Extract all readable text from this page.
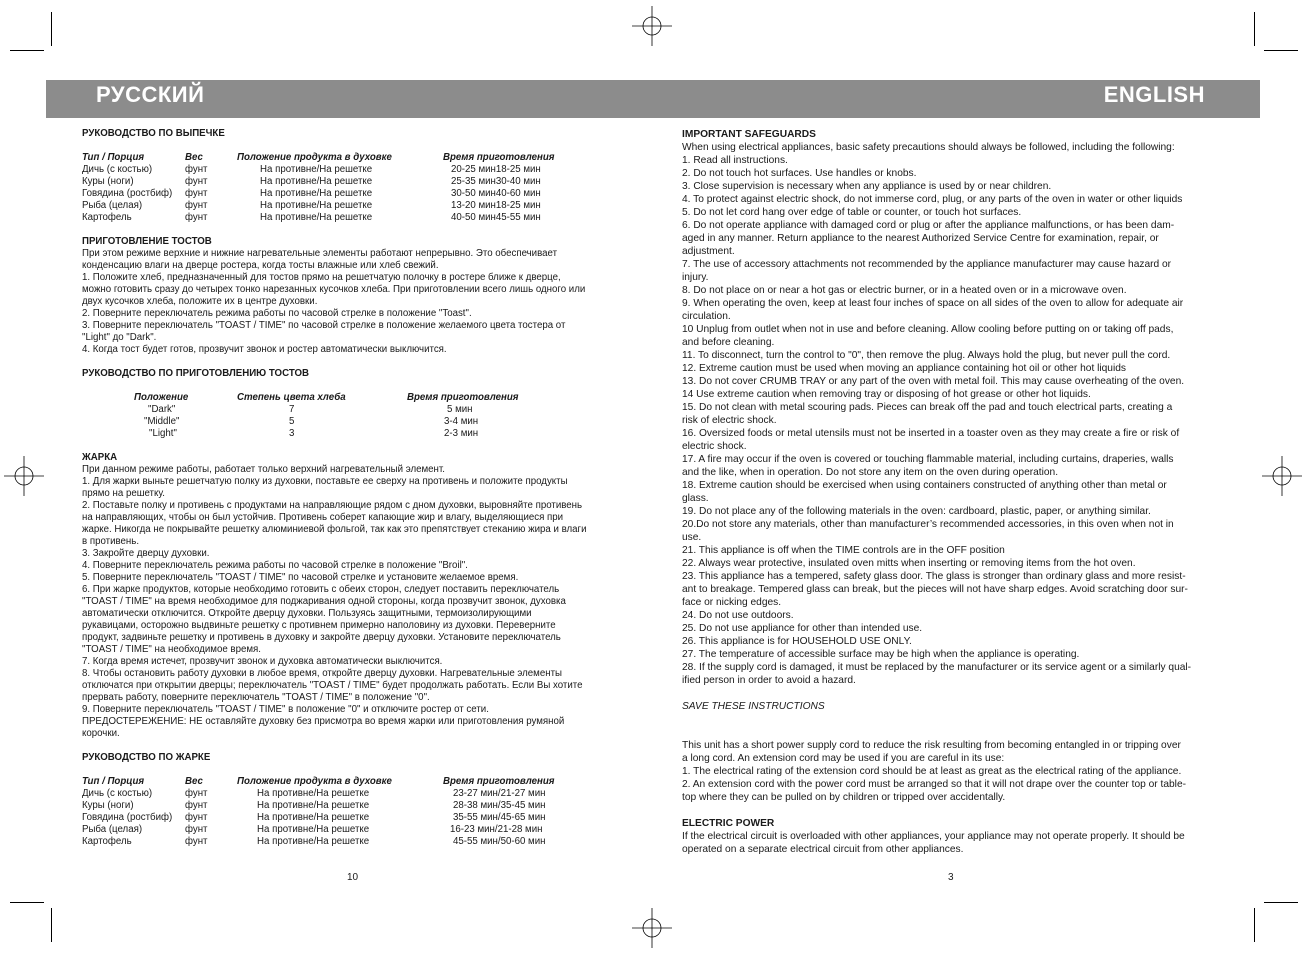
РУССКИЙ	ENGLISH
РУКОВОДСТВО ПО ВЫПЕЧКЕ
Тип / Порция	Вес	Положение продукта в духовке	Время приготовления
Дичь (с костью)	фунт	На противне/На решетке	20-25 мин18-25 мин
Куры (ноги)	фунт	На противне/На решетке	25-35 мин30-40 мин
Говядина (ростбиф)	фунт	На противне/На решетке	30-50 мин40-60 мин
Рыба (целая)	фунт	На противне/На решетке	13-20 мин18-25 мин
Картофель	фунт	На противне/На решетке	40-50 мин45-55 мин
ПРИГОТОВЛЕНИЕ ТОСТОВ
При этом режиме верхние и нижние нагревательные элементы работают непрерывно. Это обеспечивает
конденсацию влаги на дверце ростера, когда тосты влажные или хлеб свежий.
1. Положите хлеб, предназначенный для тостов прямо на решетчатую полочку в ростере ближе к дверце,
можно готовить сразу до четырех тонко нарезанных кусочков хлеба. При приготовлении всего лишь одного или
двух кусочков хлеба, положите их в центре духовки.
2. Поверните переключатель режима работы по часовой стрелке в положение "Toast".
3. Поверните переключатель "TOAST / TIME" по часовой стрелке в положение желаемого цвета тостера от
"Light" до "Dark".
4. Когда тост будет готов, прозвучит звонок и ростер автоматически выключится.
РУКОВОДСТВО ПО ПРИГОТОВЛЕНИЮ ТОСТОВ
Положение	Степень цвета хлеба	Время приготовления
"Dark"	7	5 мин
"Middle"	5	3-4 мин
"Light"	3	2-3 мин
ЖАРКА
При данном режиме работы, работает только верхний нагревательный элемент.
1. Для жарки выньте решетчатую полку из духовки, поставьте ее сверху на противень и положите продукты
прямо на решетку.
2. Поставьте полку и противень с продуктами на направляющие рядом с дном духовки, выровняйте противень
на направляющих, чтобы он был устойчив. Противень соберет капающие жир и влагу, выделяющиеся при
жарке. Никогда не покрывайте решетку алюминиевой фольгой, так как это препятствует стеканию жира и влаги
в противень.
3. Закройте дверцу духовки.
4. Поверните переключатель режима работы по часовой стрелке в положение "Broil".
5. Поверните переключатель "TOAST / TIME" по часовой стрелке и установите желаемое время.
6. При жарке продуктов, которые необходимо готовить с обеих сторон, следует поставить переключатель
"TOAST / TIME" на время необходимое для поджаривания одной стороны, когда прозвучит звонок, духовка
автоматически отключится. Откройте дверцу духовки. Пользуясь защитными, термоизолирующими
рукавицами, осторожно выдвиньте решетку с противнем примерно наполовину из духовки. Переверните
продукт, задвиньте решетку и противень в духовку и закройте дверцу духовки. Установите переключатель
"TOAST / TIME" на необходимое время.
7. Когда время истечет, прозвучит звонок и духовка автоматически выключится.
8. Чтобы остановить работу духовки в любое время, откройте дверцу духовки. Нагревательные элементы
отключатся при открытии дверцы; переключатель "TOAST / TIME" будет продолжать работать. Если Вы хотите
прервать работу, поверните переключатель "TOAST / TIME" в положение "0".
9. Поверните переключатель "TOAST / TIME" в положение "0" и отключите ростер от сети.
ПРЕДОСТЕРЕЖЕНИЕ: НЕ оставляйте духовку без присмотра во время жарки или приготовления румяной
корочки.
РУКОВОДСТВО ПО ЖАРКЕ
Тип / Порция	Вес	Положение продукта в духовке	Время приготовления
Дичь (с костью)	фунт	На противне/На решетке	23-27 мин/21-27 мин
Куры (ноги)	фунт	На противне/На решетке	28-38 мин/35-45 мин
Говядина (ростбиф)	фунт	На противне/На решетке	35-55 мин/45-65 мин
Рыба (целая)	фунт	На противне/На решетке	16-23 мин/21-28 мин
Картофель	фунт	На противне/На решетке	45-55 мин/50-60 мин
IMPORTANT SAFEGUARDS
When using electrical appliances, basic safety precautions should always be followed, including the following:
1. Read all instructions.
2. Do not touch hot surfaces. Use handles or knobs.
3. Close supervision is necessary when any appliance is used by or near children.
4. To protect against electric shock, do not immerse cord, plug, or any parts of the oven in water or other liquids
5. Do not let cord hang over edge of table or counter, or touch hot surfaces.
6. Do not operate appliance with damaged cord or plug or after the appliance malfunctions, or has been dam-
aged in any manner. Return appliance to the nearest Authorized Service Centre for examination, repair, or
adjustment.
7. The use of accessory attachments not recommended by the appliance manufacturer may cause hazard or
injury.
8. Do not place on or near a hot gas or electric burner, or in a heated oven or in a microwave oven.
9. When operating the oven, keep at least four inches of space on all sides of the oven to allow for adequate air
circulation.
10 Unplug from outlet when not in use and before cleaning. Allow cooling before putting on or taking off pads,
and before cleaning.
11. To disconnect, turn the control to "0", then remove the plug. Always hold the plug, but never pull the cord.
12. Extreme caution must be used when moving an appliance containing hot oil or other hot liquids
13. Do not cover CRUMB TRAY or any part of the oven with metal foil. This may cause overheating of the oven.
14 Use extreme caution when removing tray or disposing of hot grease or other hot liquids.
15. Do not clean with metal scouring pads. Pieces can break off the pad and touch electrical parts, creating a
risk of electric shock.
16. Oversized foods or metal utensils must not be inserted in a toaster oven as they may create a fire or risk of
electric shock.
17. A fire may occur if the oven is covered or touching flammable material, including curtains, draperies, walls
and the like, when in operation. Do not store any item on the oven during operation.
18. Extreme caution should be exercised when using containers constructed of anything other than metal or
glass.
19. Do not place any of the following materials in the oven: cardboard, plastic, paper, or anything similar.
20.Do not store any materials, other than manufacturer’s recommended accessories, in this oven when not in
use.
21. This appliance is off when the TIME controls are in the OFF position
22. Always wear protective, insulated oven mitts when inserting or removing items from the hot oven.
23. This appliance has a tempered, safety glass door. The glass is stronger than ordinary glass and more resist-
ant to breakage. Tempered glass can break, but the pieces will not have sharp edges. Avoid scratching door sur-
face or nicking edges.
24. Do not use outdoors.
25. Do not use appliance for other than intended use.
26. This appliance is for HOUSEHOLD USE ONLY.
27. The temperature of accessible surface may be high when the appliance is operating.
28. If the supply cord is damaged, it must be replaced by the manufacturer or its service agent or a similarly qual-
ified person in order to avoid a hazard.
SAVE THESE INSTRUCTIONS
This unit has a short power supply cord to reduce the risk resulting from becoming entangled in or tripping over
a long cord. An extension cord may be used if you are careful in its use:
1. The electrical rating of the extension cord should be at least as great as the electrical rating of the appliance.
2. An extension cord with the power cord must be arranged so that it will not drape over the counter top or table-
top where they can be pulled on by children or tripped over accidentally.
ELECTRIC POWER
If the electrical circuit is overloaded with other appliances, your appliance may not operate properly. It should be
operated on a separate electrical circuit from other appliances.
10	3
